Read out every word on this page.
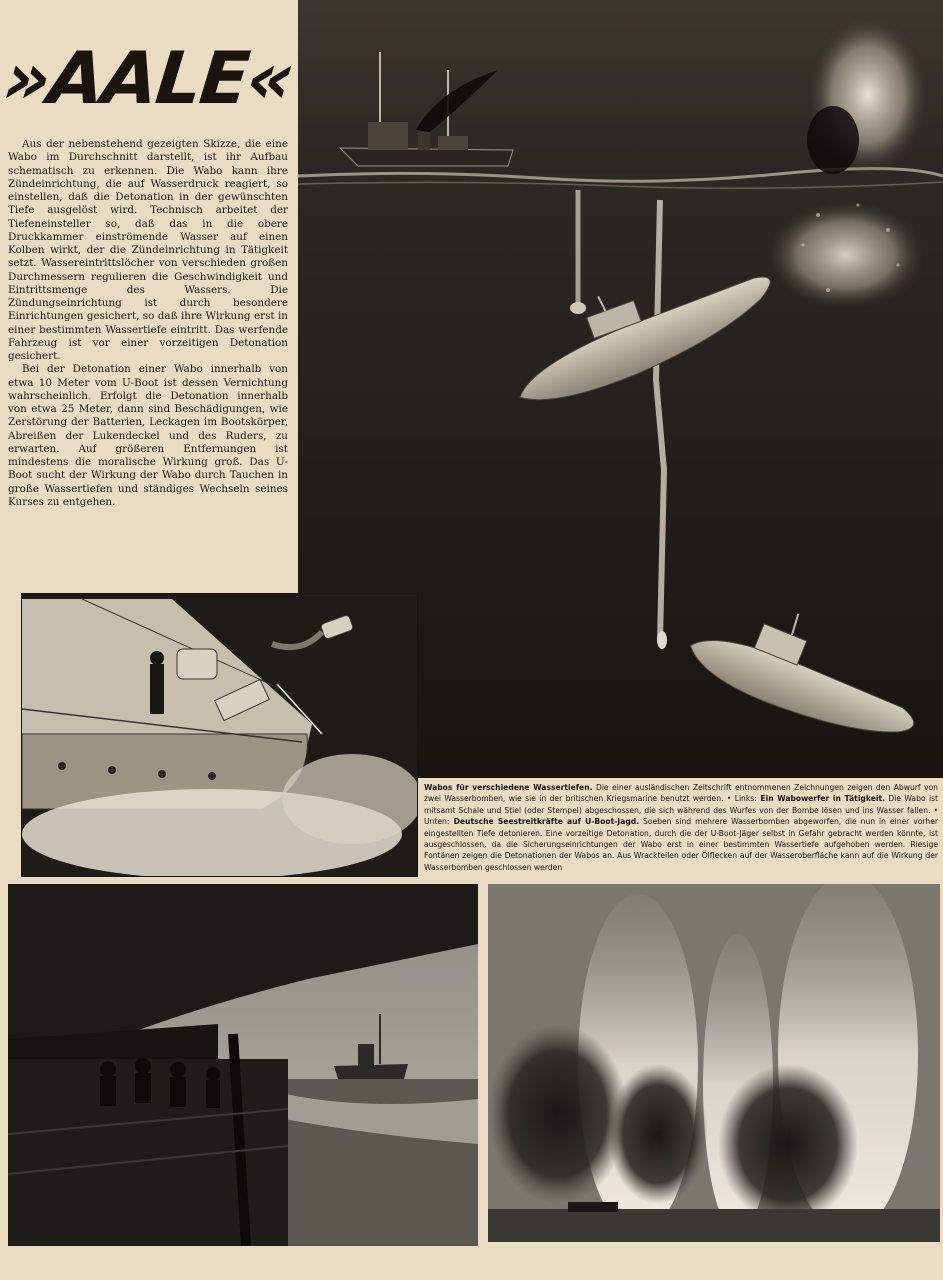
»AALE«

Aus der nebenstehend gezeigten Skizze, die eine Wabo im Durchschnitt darstellt, ist ihr Aufbau schematisch zu erkennen. Die Wabo kann ihre Zündeinrichtung, die auf Wasserdruck reagiert, so einstellen, daß die Detonation in der gewünschten Tiefe ausgelöst wird. Technisch arbeitet der Tiefeneinsteller so, daß das in die obere Druckkammer einströmende Wasser auf einen Kolben wirkt, der die Zündeinrichtung in Tätigkeit setzt. Wassereintrittslöcher von verschieden großen Durchmessern regulieren die Geschwindigkeit und Eintrittsmenge des Wassers. Die Zündungseinrichtung ist durch besondere Einrichtungen gesichert, so daß ihre Wirkung erst in einer bestimmten Wassertiefe eintritt. Das werfende Fahrzeug ist vor einer vorzeitigen Detonation gesichert.

Bei der Detonation einer Wabo innerhalb von etwa 10 Meter vom U-Boot ist dessen Vernichtung wahrscheinlich. Erfolgt die Detonation innerhalb von etwa 25 Meter, dann sind Beschädigungen, wie Zerstörung der Batterien, Leckagen im Bootskörper, Abreißen der Lukendeckel und des Ruders, zu erwarten. Auf größeren Entfernungen ist mindestens die moralische Wirkung groß. Das U-Boot sucht der Wirkung der Wabo durch Tauchen in große Wassertiefen und ständiges Wechseln seines Kurses zu entgehen.

Wabos für verschiedene Wassertiefen. Die einer ausländischen Zeitschrift entnommenen Zeichnungen zeigen den Abwurf von zwei Wasserbomben, wie sie in der britischen Kriegsmarine benutzt werden. • Links: Ein Wabowerfer in Tätigkeit. Die Wabo ist mitsamt Schale und Stiel (oder Stempel) abgeschossen, die sich während des Wurfes von der Bombe lösen und ins Wasser fallen. • Unten: Deutsche Seestreitkräfte auf U-Boot-Jagd. Soeben sind mehrere Wasserbomben abgeworfen, die nun in einer vorher eingestellten Tiefe detonieren. Eine vorzeitige Detonation, durch die der U-Boot-Jäger selbst in Gefahr gebracht werden könnte, ist ausgeschlossen, da die Sicherungseinrichtungen der Wabo erst in einer bestimmten Wassertiefe aufgehoben werden. Riesige Fontänen zeigen die Detonationen der Wabos an. Aus Wrackteilen oder Ölflecken auf der Wasseroberfläche kann auf die Wirkung der Wasserbomben geschlossen werden
